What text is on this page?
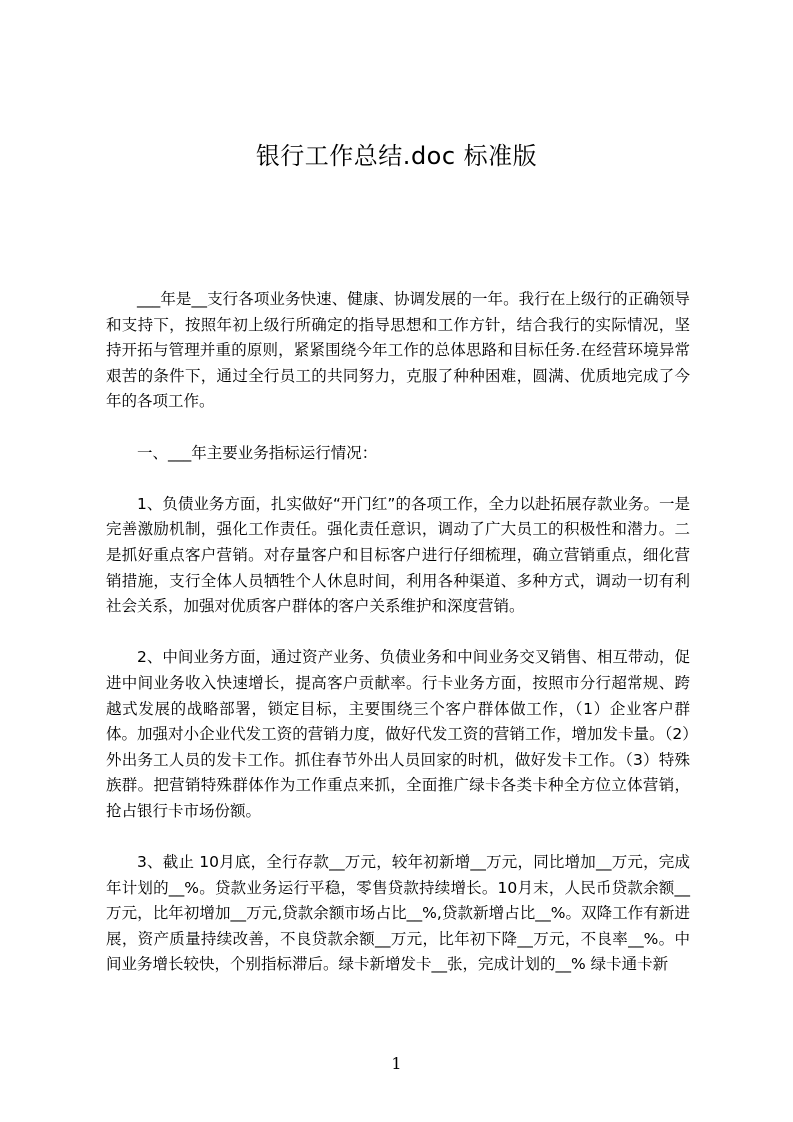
银行工作总结.doc 标准版

___年是__支行各项业务快速、健康、协调发展的一年。我行在上级行的正确领导和支持下，按照年初上级行所确定的指导思想和工作方针，结合我行的实际情况，坚持开拓与管理并重的原则，紧紧围绕今年工作的总体思路和目标任务.在经营环境异常艰苦的条件下，通过全行员工的共同努力，克服了种种困难，圆满、优质地完成了今年的各项工作。

一、___年主要业务指标运行情况：

1、负债业务方面，扎实做好“开门红”的各项工作，全力以赴拓展存款业务。一是完善激励机制，强化工作责任。强化责任意识，调动了广大员工的积极性和潜力。二是抓好重点客户营销。对存量客户和目标客户进行仔细梳理，确立营销重点，细化营销措施，支行全体人员牺牲个人休息时间，利用各种渠道、多种方式，调动一切有利社会关系，加强对优质客户群体的客户关系维护和深度营销。

2、中间业务方面，通过资产业务、负债业务和中间业务交叉销售、相互带动，促进中间业务收入快速增长，提高客户贡献率。行卡业务方面，按照市分行超常规、跨越式发展的战略部署，锁定目标，主要围绕三个客户群体做工作，（1）企业客户群体。加强对小企业代发工资的营销力度，做好代发工资的营销工作，增加发卡量。（2）外出务工人员的发卡工作。抓住春节外出人员回家的时机，做好发卡工作。（3）特殊族群。把营销特殊群体作为工作重点来抓，全面推广绿卡各类卡种全方位立体营销，抢占银行卡市场份额。

3、截止 10月底，全行存款__万元，较年初新增__万元，同比增加__万元，完成年计划的__%。贷款业务运行平稳，零售贷款持续增长。10月末，人民币贷款余额__万元，比年初增加__万元,贷款余额市场占比__%,贷款新增占比__%。双降工作有新进展，资产质量持续改善，不良贷款余额__万元，比年初下降__万元，不良率__%。中间业务增长较快，个别指标滞后。绿卡新增发卡__张，完成计划的__% 绿卡通卡新

1
